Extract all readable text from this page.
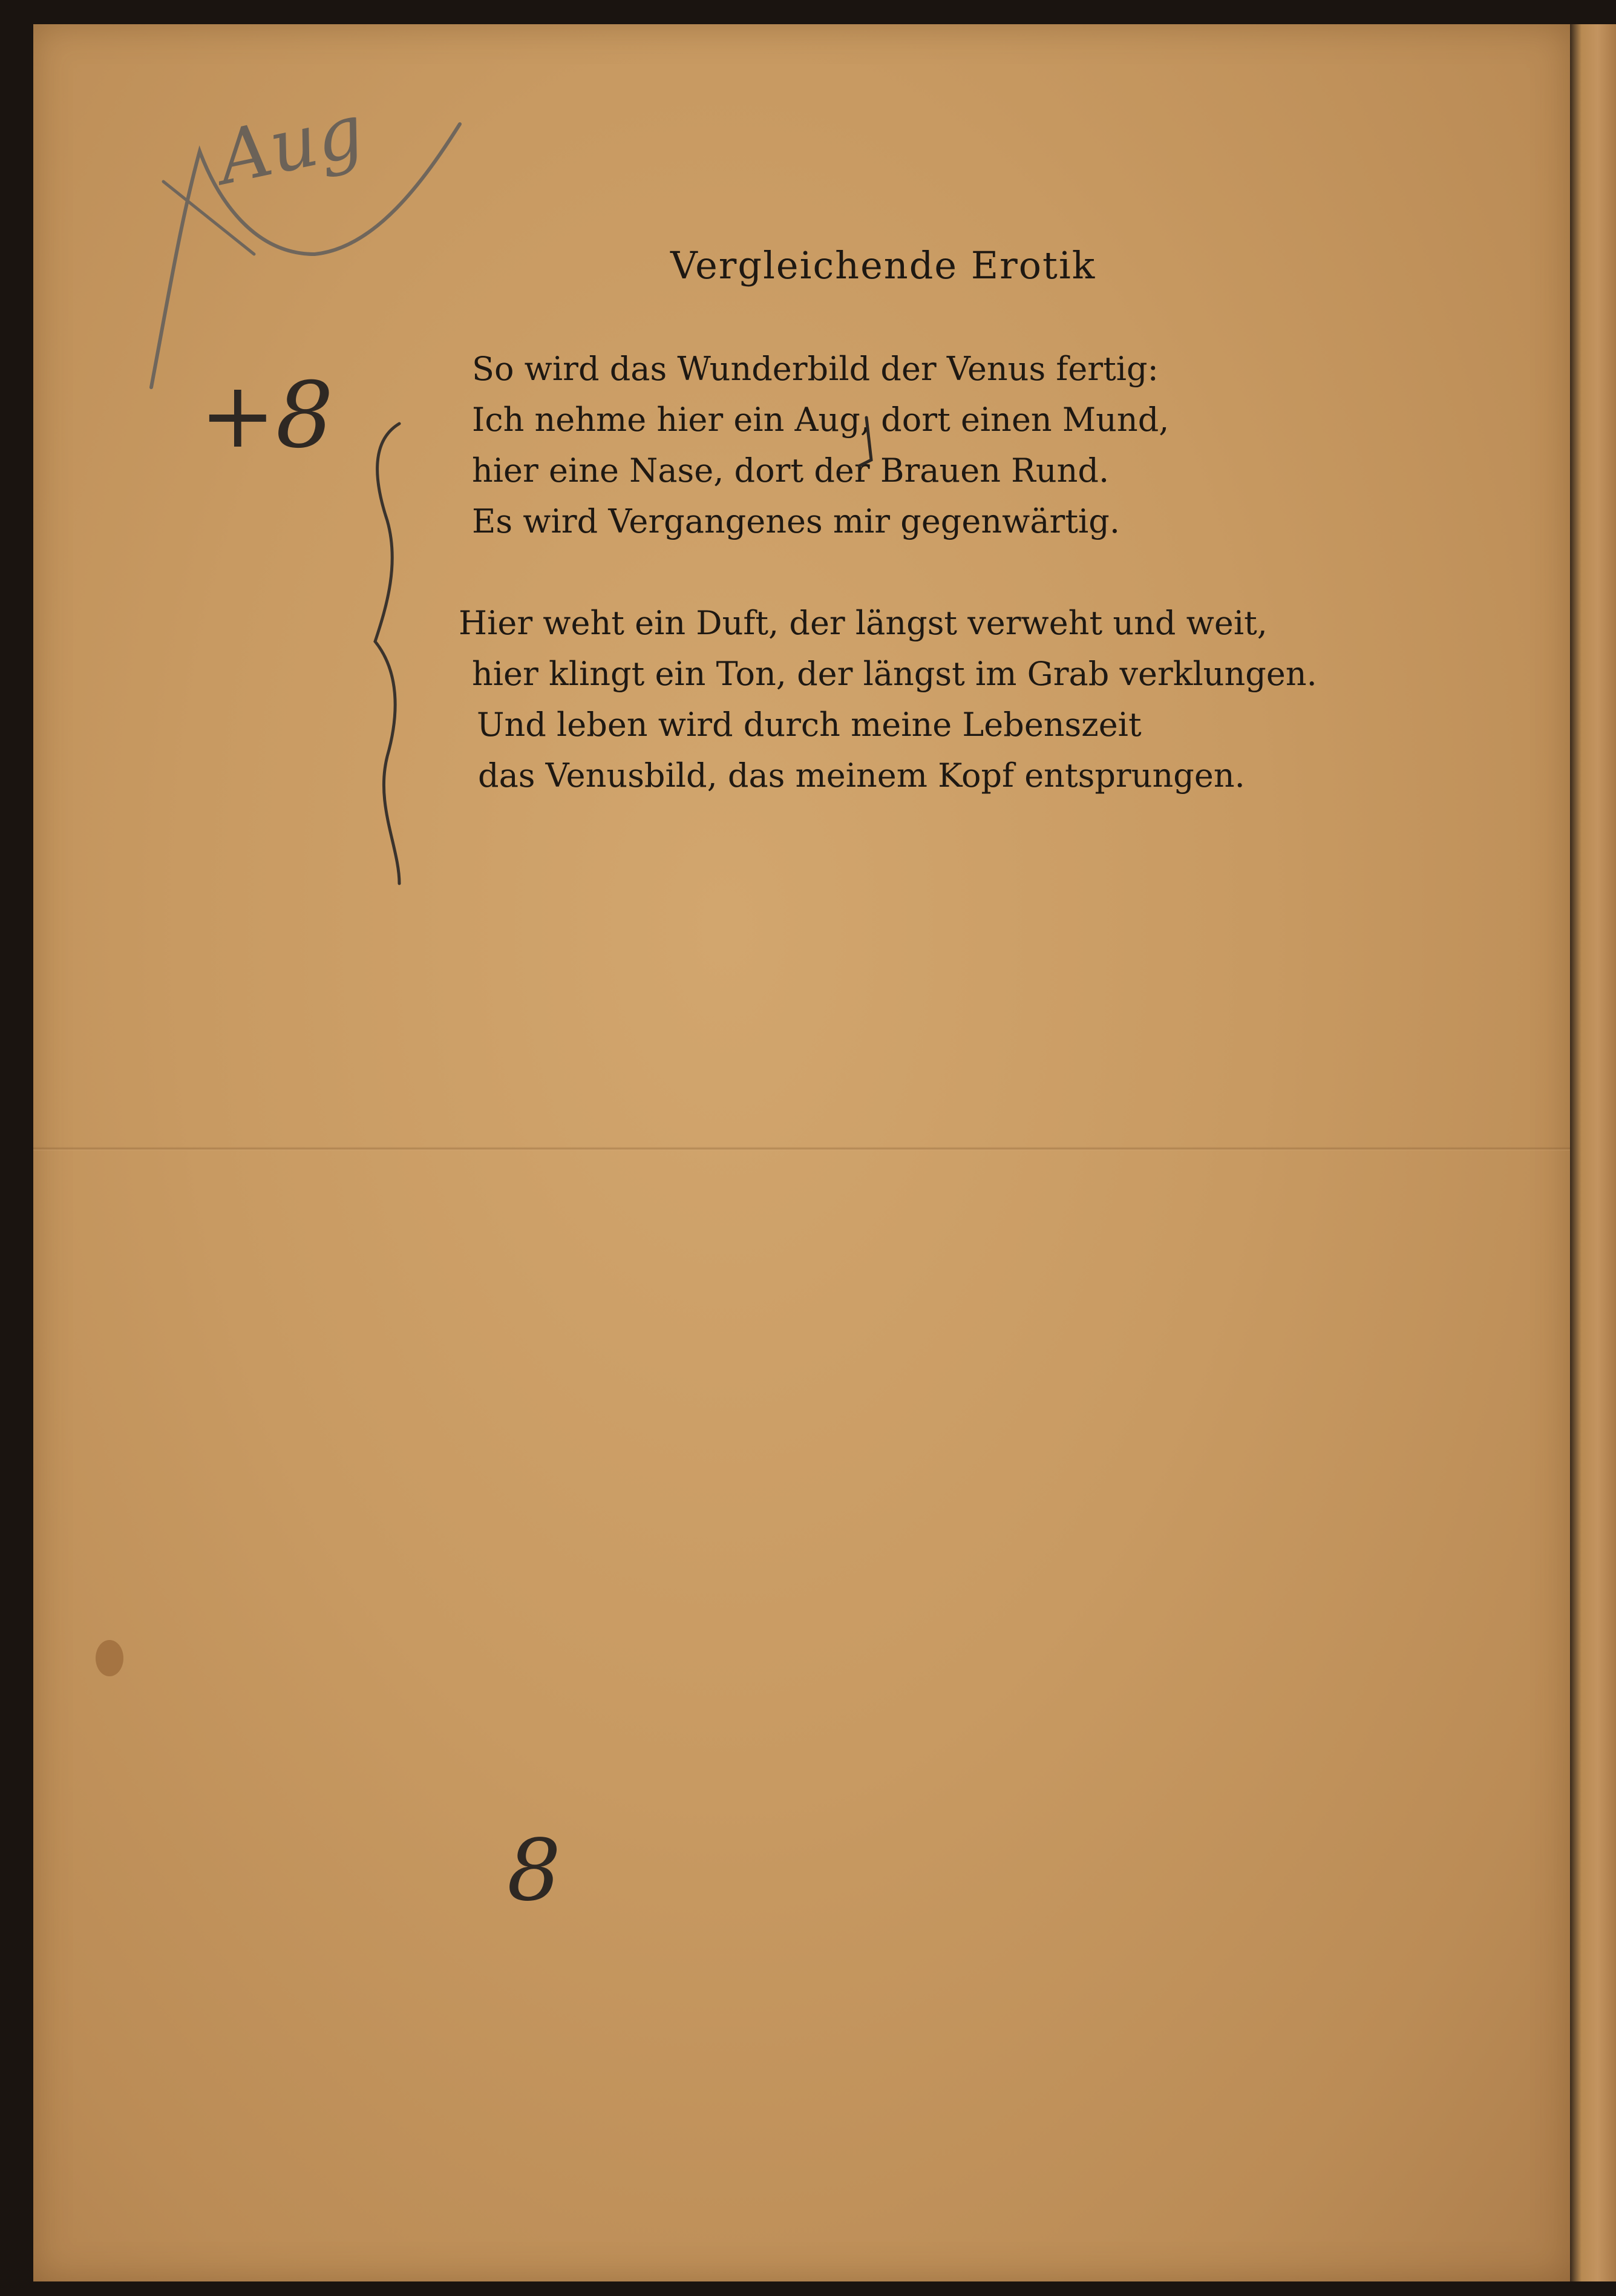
Vergleichende Erotik
So wird das Wunderbild der Venus fertig:
Ich nehme hier ein Aug, dort einen Mund,
hier eine Nase, dort der Brauen Rund.
Es wird Vergangenes mir gegenwärtig.
Hier weht ein Duft, der längst verweht und weit,
hier klingt ein Ton, der längst im Grab verklungen.
Und leben wird durch meine Lebenszeit
das Venusbild, das meinem Kopf entsprungen.
Aug
+8
8
